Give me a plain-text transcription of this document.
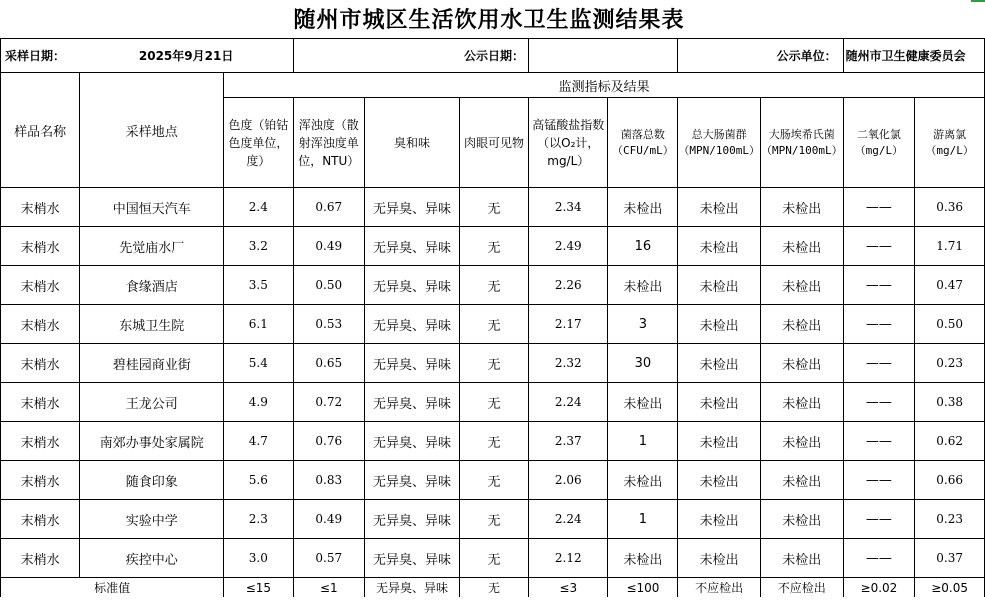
随州市城区生活饮用水卫生监测结果表
采样日期：	2025年9月21日		公示日期：					公示单位：		随州市卫生健康委员会	
样品名称	采样地点	监测指标及结果									
		色度（铂钴色度单位，度）	浑浊度（散射浑浊度单位，NTU）	臭和味	肉眼可见物	高锰酸盐指数（以O₂计，mg/L）	菌落总数（CFU/mL）	总大肠菌群（MPN/100mL）	大肠埃希氏菌（MPN/100mL）	二氧化氯（mg/L）	游离氯（mg/L）
末梢水	中国恒天汽车	2.4	0.67	无异臭、异味	无	2.34	未检出	未检出	未检出	——	0.36
末梢水	先觉庙水厂	3.2	0.49	无异臭、异味	无	2.49	16	未检出	未检出	——	1.71
末梢水	食缘酒店	3.5	0.50	无异臭、异味	无	2.26	未检出	未检出	未检出	——	0.47
末梢水	东城卫生院	6.1	0.53	无异臭、异味	无	2.17	3	未检出	未检出	——	0.50
末梢水	碧桂园商业街	5.4	0.65	无异臭、异味	无	2.32	30	未检出	未检出	——	0.23
末梢水	王龙公司	4.9	0.72	无异臭、异味	无	2.24	未检出	未检出	未检出	——	0.38
末梢水	南郊办事处家属院	4.7	0.76	无异臭、异味	无	2.37	1	未检出	未检出	——	0.62
末梢水	随食印象	5.6	0.83	无异臭、异味	无	2.06	未检出	未检出	未检出	——	0.66
末梢水	实验中学	2.3	0.49	无异臭、异味	无	2.24	1	未检出	未检出	——	0.23
末梢水	疾控中心	3.0	0.57	无异臭、异味	无	2.12	未检出	未检出	未检出	——	0.37
标准值		≤15	≤1	无异臭、异味	无	≤3	≤100	不应检出	不应检出	≥0.02	≥0.05
